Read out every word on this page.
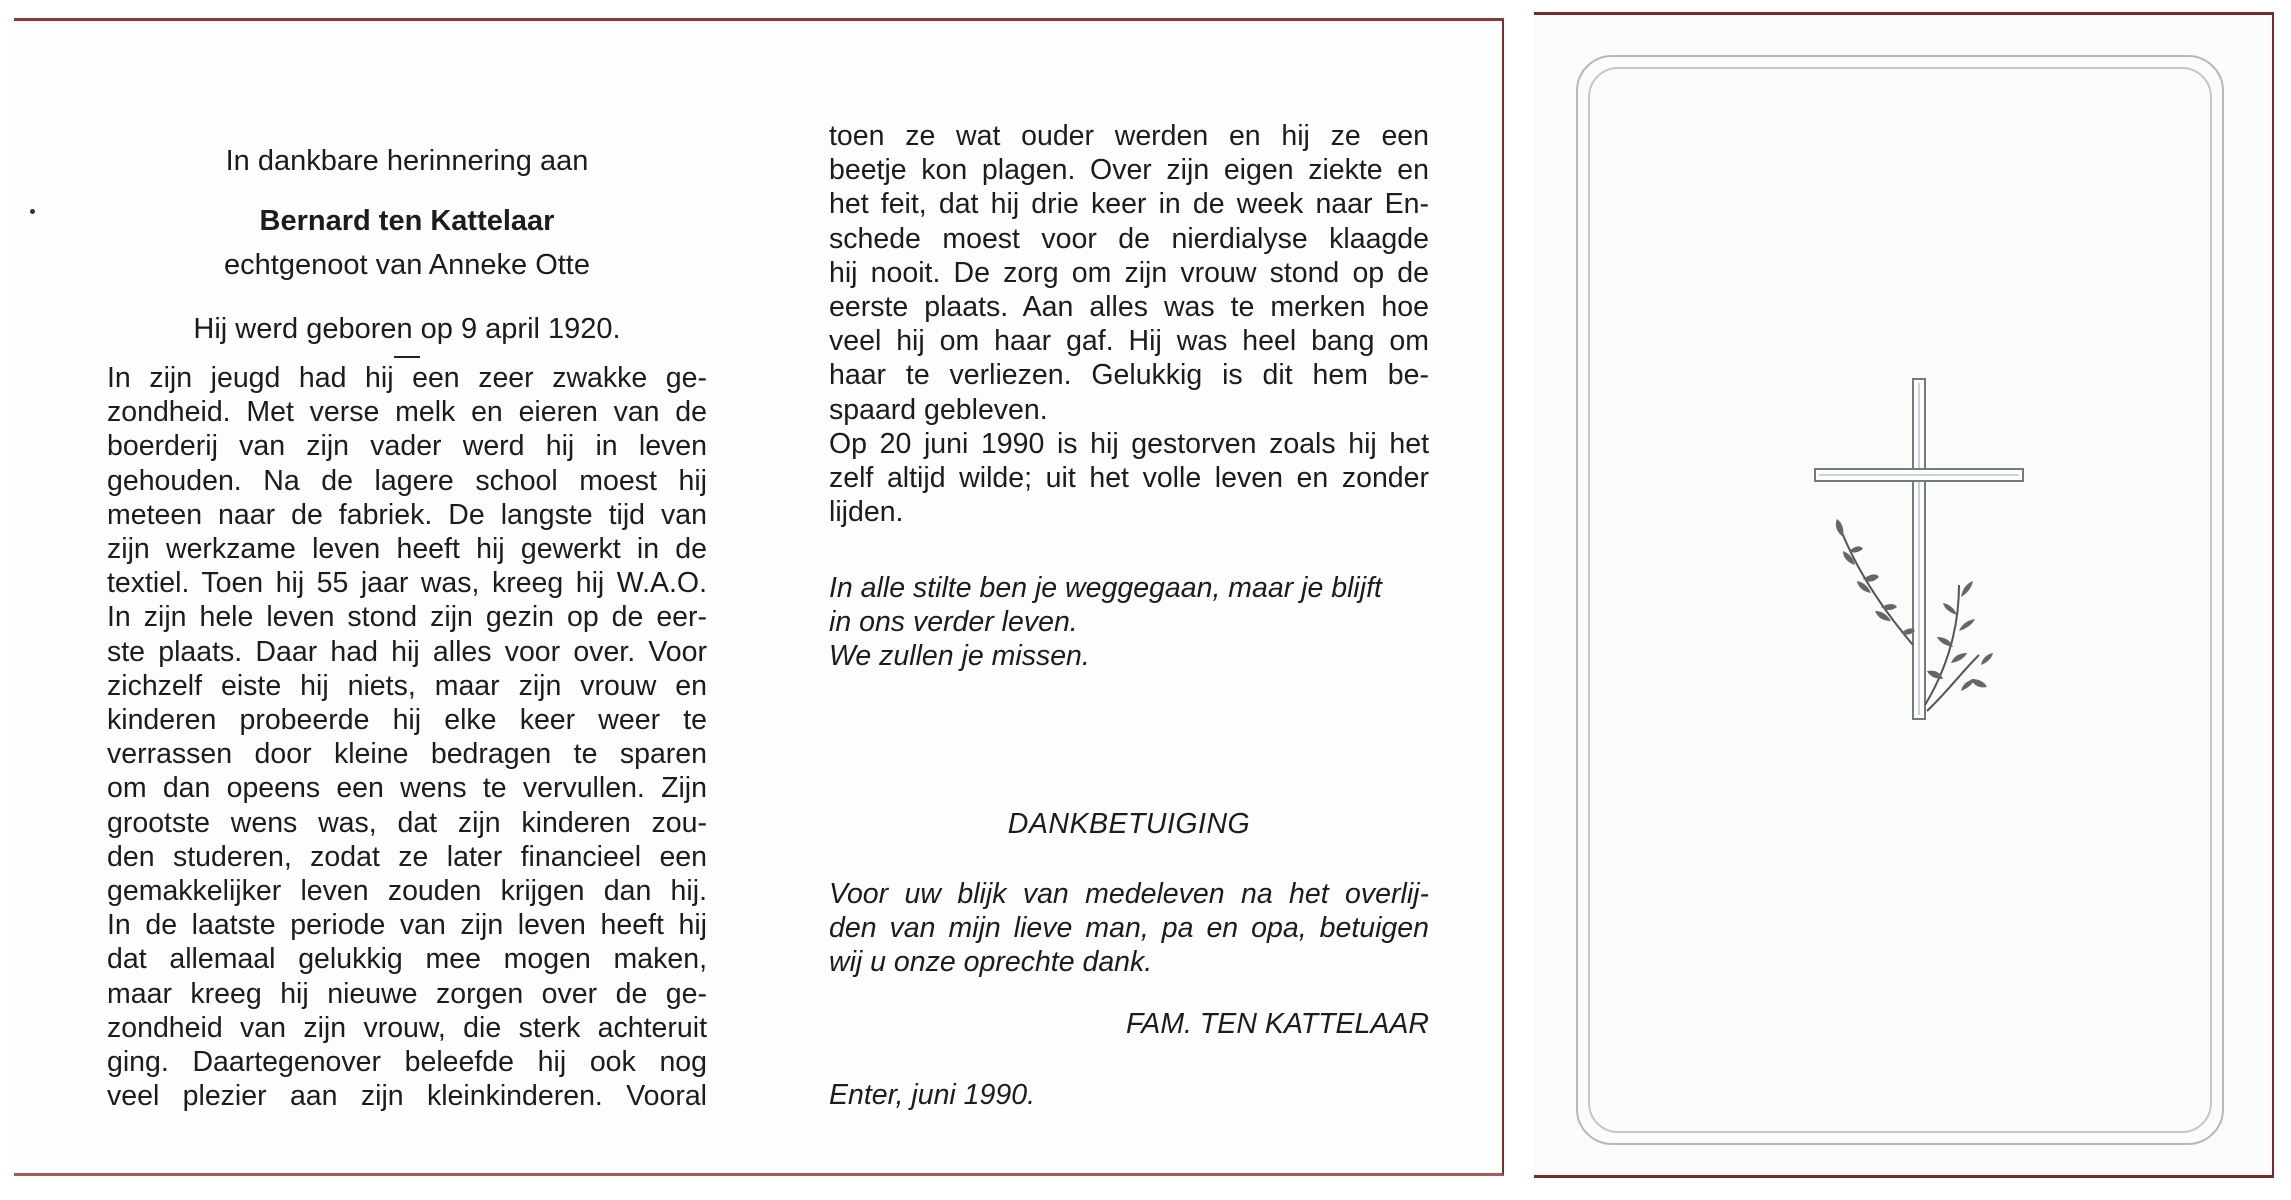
In dankbare herinnering aan
Bernard ten Kattelaar
echtgenoot van Anneke Otte
Hij werd geboren op 9 april 1920.
In zijn jeugd had hij een zeer zwakke ge-
zondheid. Met verse melk en eieren van de
boerderij van zijn vader werd hij in leven
gehouden. Na de lagere school moest hij
meteen naar de fabriek. De langste tijd van
zijn werkzame leven heeft hij gewerkt in de
textiel. Toen hij 55 jaar was, kreeg hij W.A.O.
In zijn hele leven stond zijn gezin op de eer-
ste plaats. Daar had hij alles voor over. Voor
zichzelf eiste hij niets, maar zijn vrouw en
kinderen probeerde hij elke keer weer te
verrassen door kleine bedragen te sparen
om dan opeens een wens te vervullen. Zijn
grootste wens was, dat zijn kinderen zou-
den studeren, zodat ze later financieel een
gemakkelijker leven zouden krijgen dan hij.
In de laatste periode van zijn leven heeft hij
dat allemaal gelukkig mee mogen maken,
maar kreeg hij nieuwe zorgen over de ge-
zondheid van zijn vrouw, die sterk achteruit
ging. Daartegenover beleefde hij ook nog
veel plezier aan zijn kleinkinderen. Vooral
toen ze wat ouder werden en hij ze een
beetje kon plagen. Over zijn eigen ziekte en
het feit, dat hij drie keer in de week naar En-
schede moest voor de nierdialyse klaagde
hij nooit. De zorg om zijn vrouw stond op de
eerste plaats. Aan alles was te merken hoe
veel hij om haar gaf. Hij was heel bang om
haar te verliezen. Gelukkig is dit hem be-
spaard gebleven.
Op 20 juni 1990 is hij gestorven zoals hij het
zelf altijd wilde; uit het volle leven en zonder
lijden.
In alle stilte ben je weggegaan, maar je blijft
in ons verder leven.
We zullen je missen.
DANKBETUIGING
Voor uw blijk van medeleven na het overlij-
den van mijn lieve man, pa en opa, betuigen
wij u onze oprechte dank.
FAM. TEN KATTELAAR
Enter, juni 1990.
